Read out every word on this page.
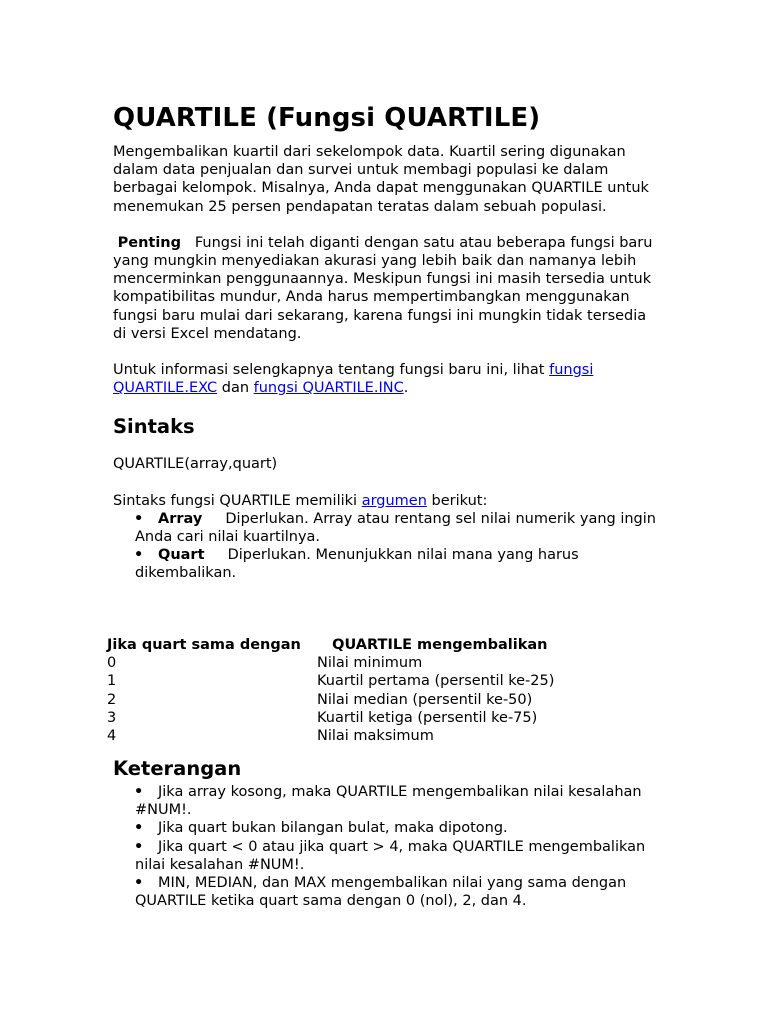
QUARTILE (Fungsi QUARTILE)

Mengembalikan kuartil dari sekelompok data. Kuartil sering digunakan dalam data penjualan dan survei untuk membagi populasi ke dalam berbagai kelompok. Misalnya, Anda dapat menggunakan QUARTILE untuk menemukan 25 persen pendapatan teratas dalam sebuah populasi.

Penting Fungsi ini telah diganti dengan satu atau beberapa fungsi baru yang mungkin menyediakan akurasi yang lebih baik dan namanya lebih mencerminkan penggunaannya. Meskipun fungsi ini masih tersedia untuk kompatibilitas mundur, Anda harus mempertimbangkan menggunakan fungsi baru mulai dari sekarang, karena fungsi ini mungkin tidak tersedia di versi Excel mendatang.

Untuk informasi selengkapnya tentang fungsi baru ini, lihat fungsi QUARTILE.EXC dan fungsi QUARTILE.INC.

Sintaks

QUARTILE(array,quart)

Sintaks fungsi QUARTILE memiliki argumen berikut:

•	Array Diperlukan. Array atau rentang sel nilai numerik yang ingin Anda cari nilai kuartilnya.
•	Quart Diperlukan. Menunjukkan nilai mana yang harus dikembalikan.
Jika quart sama dengan	QUARTILE mengembalikan
0	Nilai minimum
1	Kuartil pertama (persentil ke-25)
2	Nilai median (persentil ke-50)
3	Kuartil ketiga (persentil ke-75)
4	Nilai maksimum
Keterangan
•	Jika array kosong, maka QUARTILE mengembalikan nilai kesalahan #NUM!.
•	Jika quart bukan bilangan bulat, maka dipotong.
•	Jika quart < 0 atau jika quart > 4, maka QUARTILE mengembalikan nilai kesalahan #NUM!.
•	MIN, MEDIAN, dan MAX mengembalikan nilai yang sama dengan QUARTILE ketika quart sama dengan 0 (nol), 2, dan 4.
